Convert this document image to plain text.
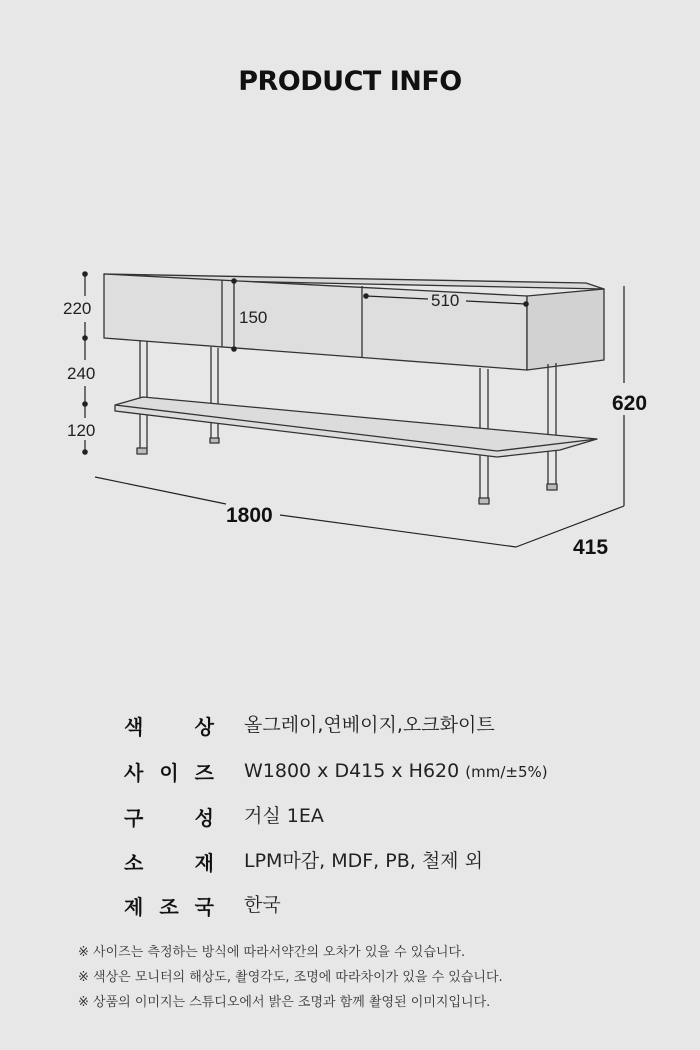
PRODUCT INFO
220
240
120
150
510
620
1800
415
색	상 올그레이,연베이지,오크화이트
사 이 즈 W1800 x D415 x H620 (mm/±5%)
구	성 거실 1EA
소	재 LPM마감, MDF, PB, 철제 외
제 조 국 한국
※ 사이즈는 측정하는 방식에 따라서약간의 오차가 있을 수 있습니다.
※ 색상은 모니터의 해상도, 촬영각도, 조명에 따라차이가 있을 수 있습니다.
※ 상품의 이미지는 스튜디오에서 밝은 조명과 함께 촬영된 이미지입니다.
